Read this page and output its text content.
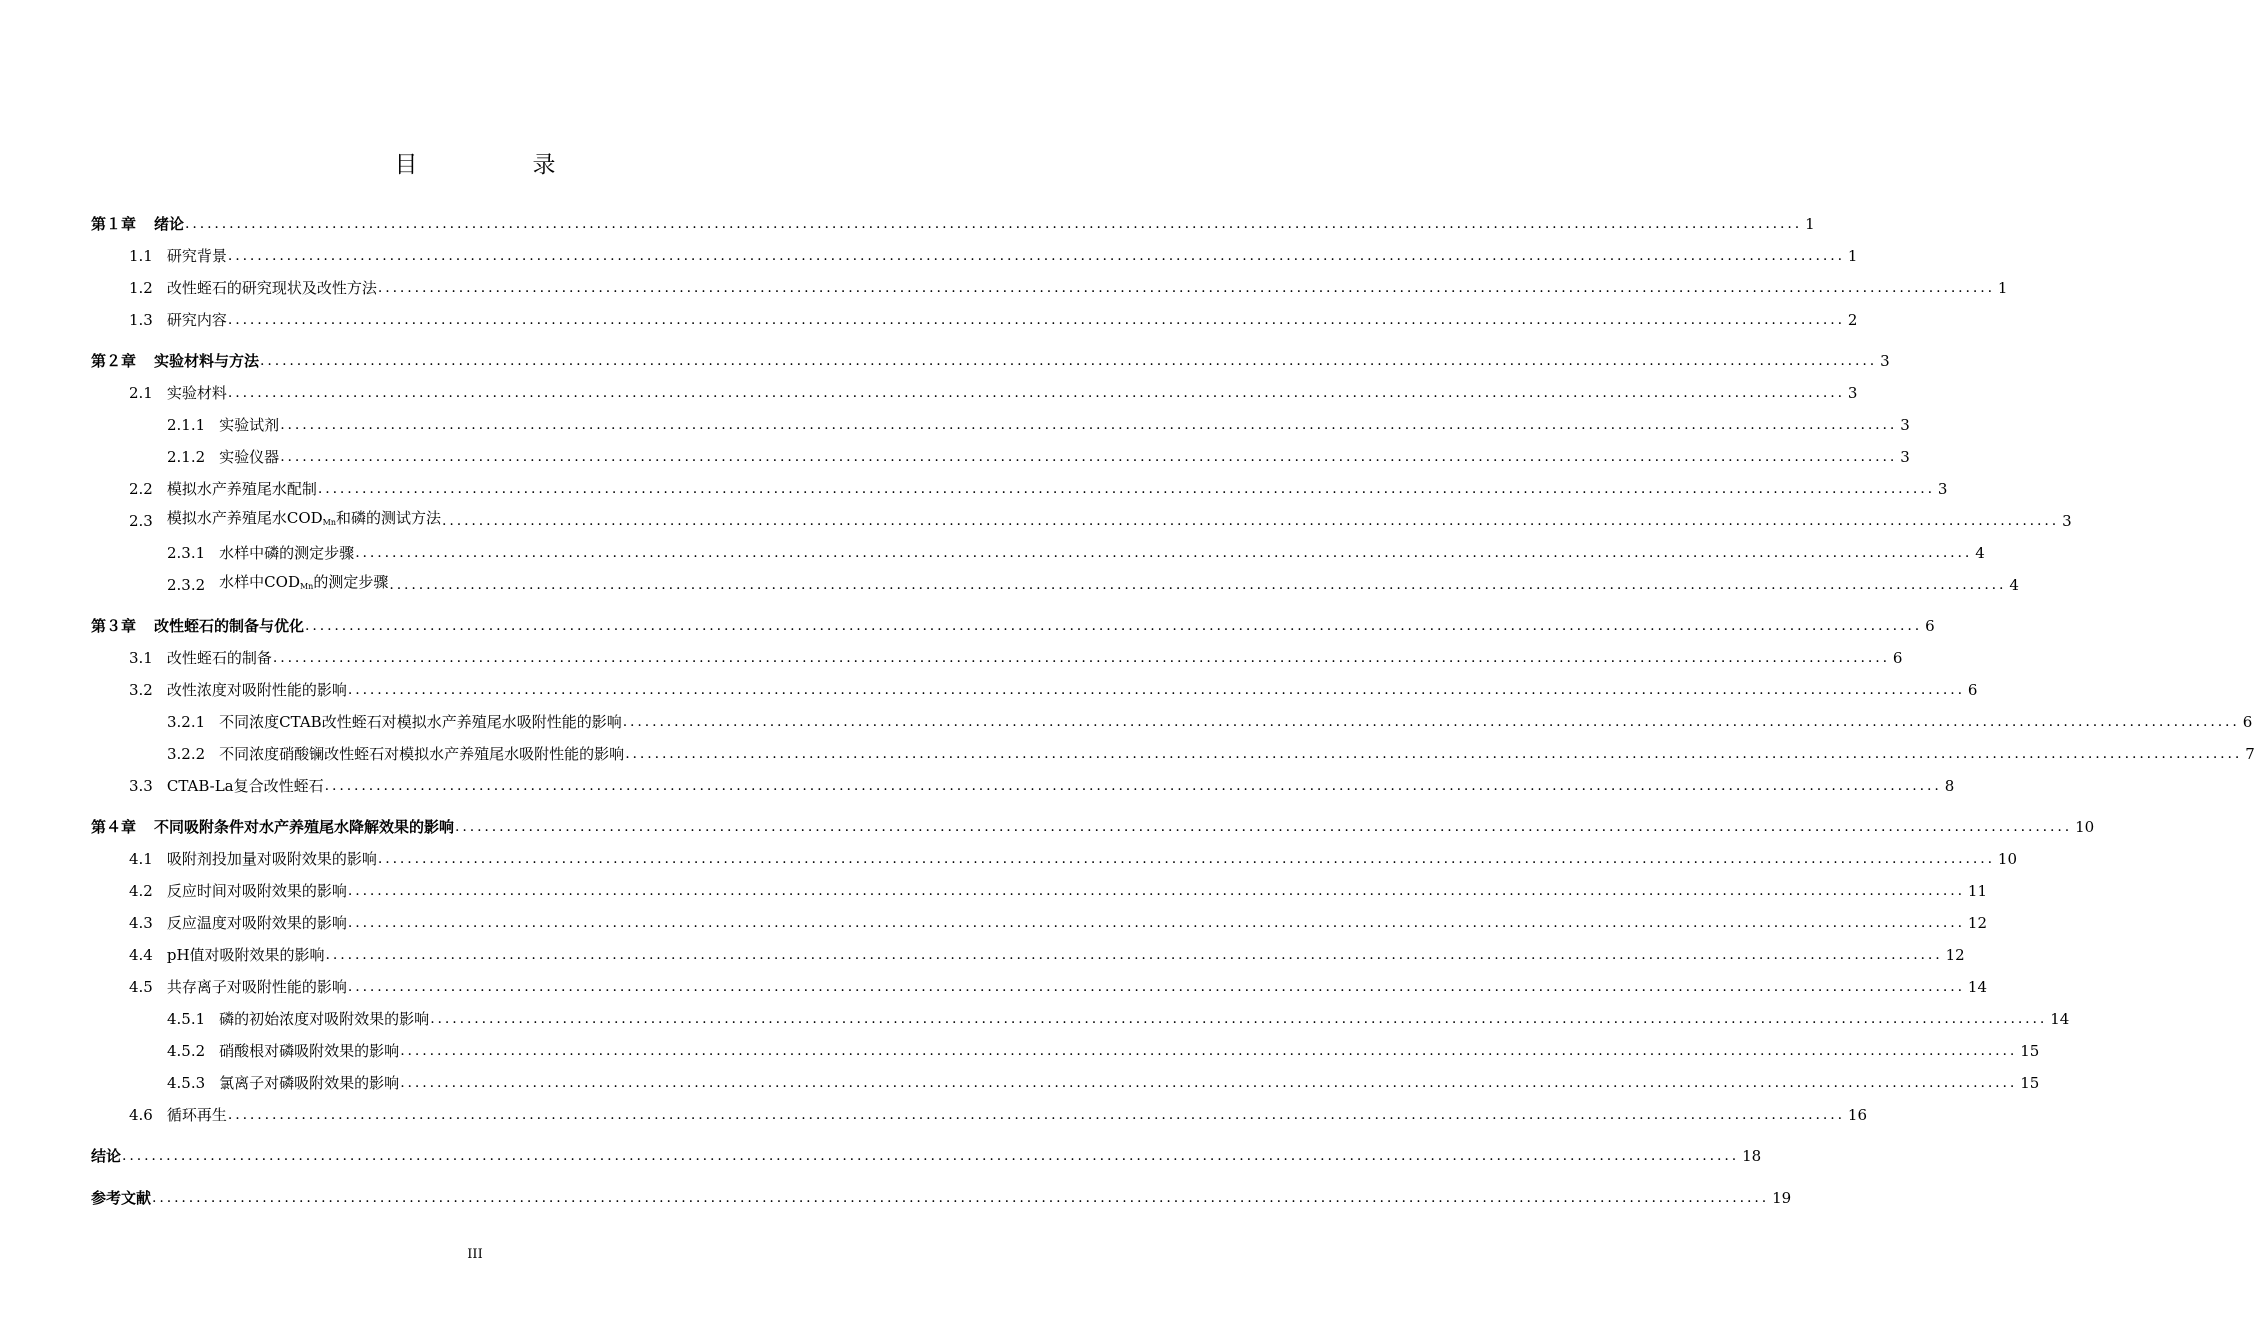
目　录
第１章	绪论 ............................................................................................................................................................................................................................ 1
1.1 研究背景 ............................................................................................................................................................................................................................ 1
1.2 改性蛭石的研究现状及改性方法 ............................................................................................................................................................................................................................ 1
1.3 研究内容 ............................................................................................................................................................................................................................ 2
第２章	实验材料与方法 ............................................................................................................................................................................................................................ 3
2.1 实验材料 ............................................................................................................................................................................................................................ 3
2.1.1 实验试剂 ............................................................................................................................................................................................................................ 3
2.1.2 实验仪器 ............................................................................................................................................................................................................................ 3
2.2 模拟水产养殖尾水配制 ............................................................................................................................................................................................................................ 3
2.3 模拟水产养殖尾水$COD_{Mn}$和磷的测试方法 ............................................................................................................................................................................................................................ 3
2.3.1 水样中磷的测定步骤 ............................................................................................................................................................................................................................ 4
2.3.2 水样中$COD_{Mn}$的测定步骤 ............................................................................................................................................................................................................................ 4
第３章	改性蛭石的制备与优化 ............................................................................................................................................................................................................................ 6
3.1 改性蛭石的制备 ............................................................................................................................................................................................................................ 6
3.2 改性浓度对吸附性能的影响 ............................................................................................................................................................................................................................ 6
3.2.1 不同浓度CTAB改性蛭石对模拟水产养殖尾水吸附性能的影响 ............................................................................................................................................................................................................................ 6
3.2.2 不同浓度硝酸镧改性蛭石对模拟水产养殖尾水吸附性能的影响 ............................................................................................................................................................................................................................ 7
3.3 CTAB-La复合改性蛭石 ............................................................................................................................................................................................................................ 8
第４章	不同吸附条件对水产养殖尾水降解效果的影响 ............................................................................................................................................................................................................................ 10
4.1 吸附剂投加量对吸附效果的影响 ............................................................................................................................................................................................................................ 10
4.2 反应时间对吸附效果的影响 ............................................................................................................................................................................................................................ 11
4.3 反应温度对吸附效果的影响 ............................................................................................................................................................................................................................ 12
4.4 pH值对吸附效果的影响 ............................................................................................................................................................................................................................ 12
4.5 共存离子对吸附性能的影响 ............................................................................................................................................................................................................................ 14
4.5.1 磷的初始浓度对吸附效果的影响 ............................................................................................................................................................................................................................ 14
4.5.2 硝酸根对磷吸附效果的影响 ............................................................................................................................................................................................................................ 15
4.5.3 氯离子对磷吸附效果的影响 ............................................................................................................................................................................................................................ 15
4.6 循环再生 ............................................................................................................................................................................................................................ 16
结论 ............................................................................................................................................................................................................................ 18
参考文献 ............................................................................................................................................................................................................................ 19
III
